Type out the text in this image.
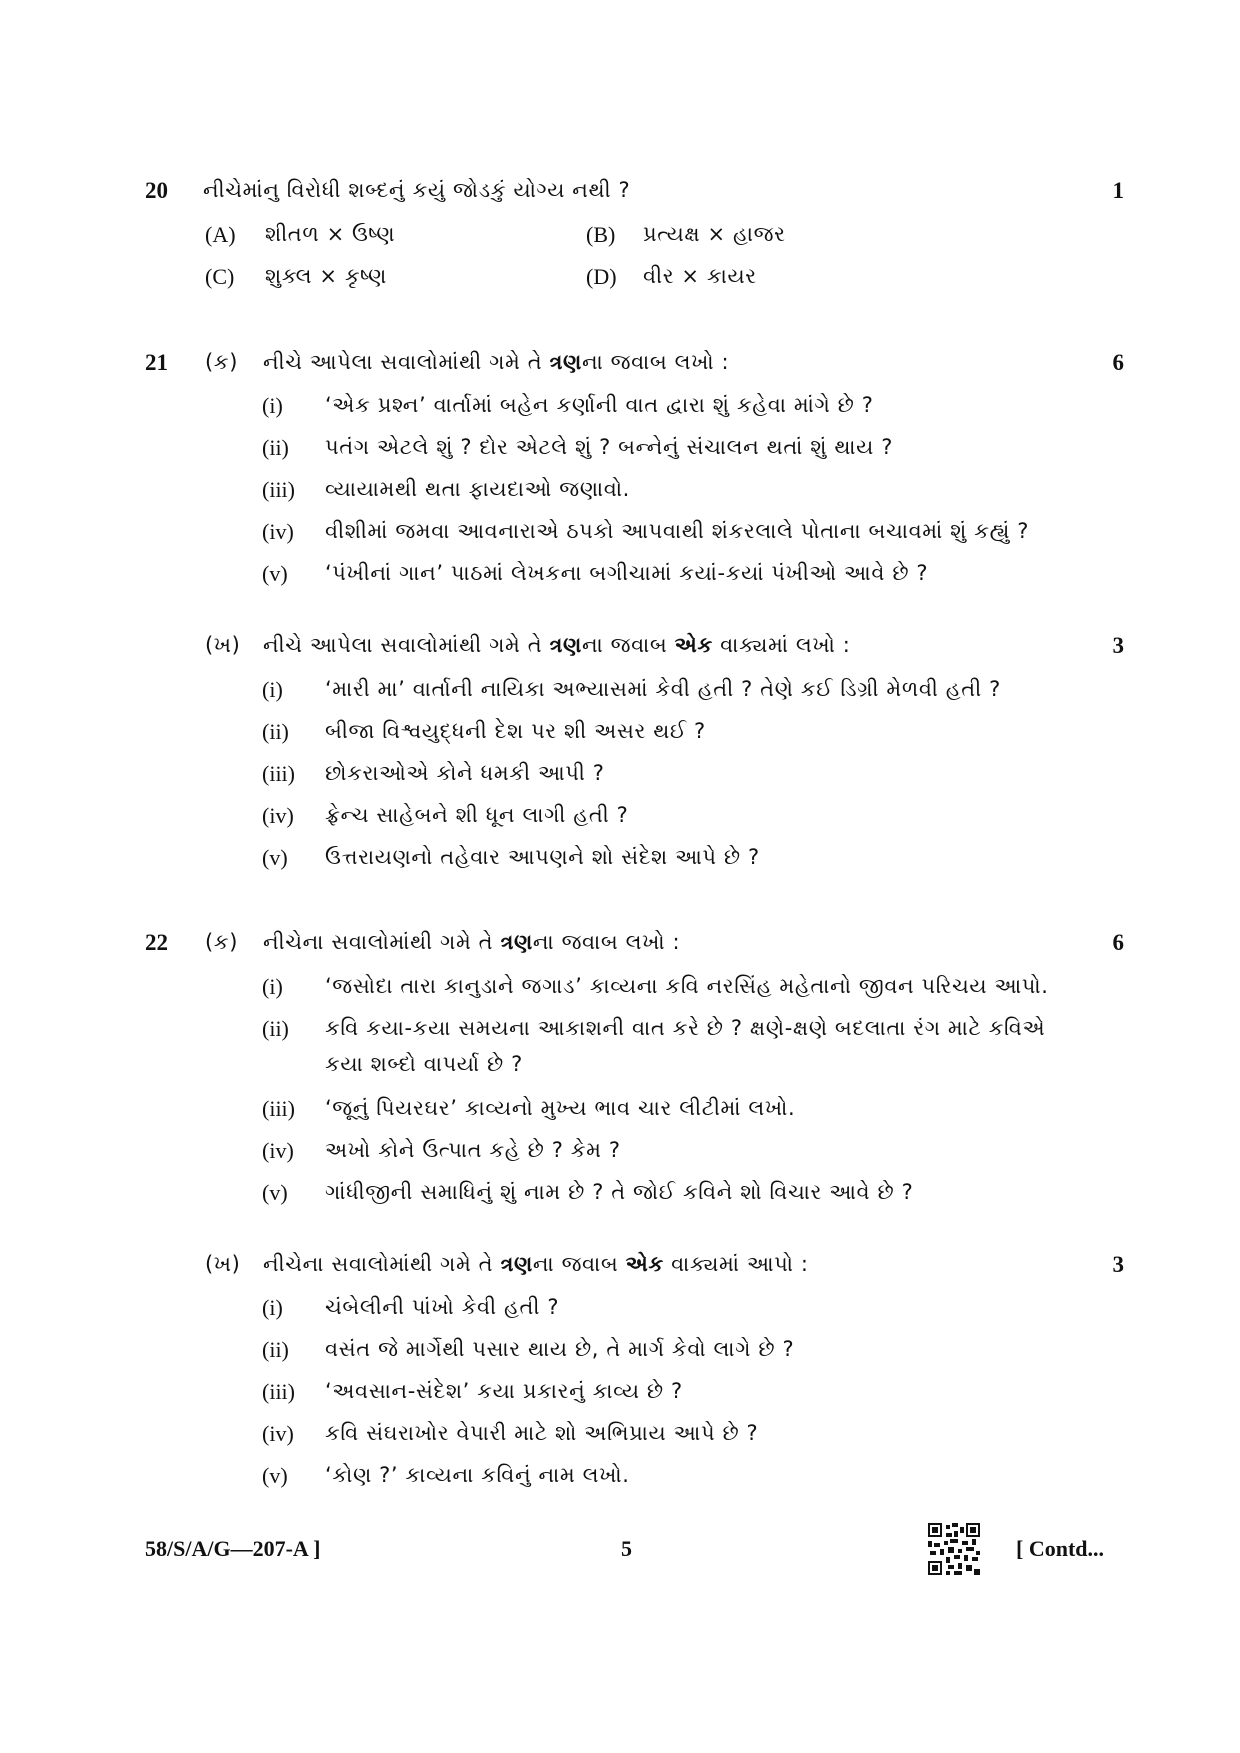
20 નીચેમાંનુ વિરોધી શબ્દનું કયું જોડકું યોગ્ય નથી ?	1
(A) શીતળ × ઉષ્ણ	(B) પ્રત્યક્ષ × હાજર
(C) શુક્લ × કૃષ્ણ	(D) વીર × કાયર
21 (ક) નીચે આપેલા સવાલોમાંથી ગમે તે ત્રણના જવાબ લખો :	6
(i) ‘એક પ્રશ્ન’ વાર્તામાં બહેન કર્ણાની વાત દ્વારા શું કહેવા માંગે છે ?
(ii) પતંગ એટલે શું ? દોર એટલે શું ? બન્નેનું સંચાલન થતાં શું થાય ?
(iii) વ્યાયામથી થતા ફાયદાઓ જણાવો.
(iv) વીશીમાં જમવા આવનારાએ ઠપકો આપવાથી શંકરલાલે પોતાના બચાવમાં શું કહ્યું ?
(v) ‘પંખીનાં ગાન’ પાઠમાં લેખકના બગીચામાં કયાં-કયાં પંખીઓ આવે છે ?
(ખ) નીચે આપેલા સવાલોમાંથી ગમે તે ત્રણના જવાબ એક વાક્યમાં લખો :	3
(i) ‘મારી મા’ વાર્તાની નાયિકા અભ્યાસમાં કેવી હતી ? તેણે કઈ ડિગ્રી મેળવી હતી ?
(ii) બીજા વિશ્વયુદ્ધની દેશ પર શી અસર થઈ ?
(iii) છોકરાઓએ કોને ધમકી આપી ?
(iv) ફ્રેન્ચ સાહેબને શી ધૂન લાગી હતી ?
(v) ઉત્તરાયણનો તહેવાર આપણને શો સંદેશ આપે છે ?
22 (ક) નીચેના સવાલોમાંથી ગમે તે ત્રણના જવાબ લખો :	6
(i) ‘જસોદા તારા કાનુડાને જગાડ’ કાવ્યના કવિ નરસિંહ મહેતાનો જીવન પરિચય આપો.
(ii) કવિ કયા-કયા સમયના આકાશની વાત કરે છે ? ક્ષણે-ક્ષણે બદલાતા રંગ માટે કવિએ
કયા શબ્દો વાપર્યા છે ?
(iii) ‘જૂનું પિયરઘર’ કાવ્યનો મુખ્ય ભાવ ચાર લીટીમાં લખો.
(iv) અખો કોને ઉત્પાત કહે છે ? કેમ ?
(v) ગાંધીજીની સમાધિનું શું નામ છે ? તે જોઈ કવિને શો વિચાર આવે છે ?
(ખ) નીચેના સવાલોમાંથી ગમે તે ત્રણના જવાબ એક વાક્યમાં આપો :	3
(i) ચંબેલીની પાંખો કેવી હતી ?
(ii) વસંત જે માર્ગેથી પસાર થાય છે, તે માર્ગ કેવો લાગે છે ?
(iii) ‘અવસાન-સંદેશ’ કયા પ્રકારનું કાવ્ય છે ?
(iv) કવિ સંઘરાખોર વેપારી માટે શો અભિપ્રાય આપે છે ?
(v) ‘કોણ ?’ કાવ્યના કવિનું નામ લખો.
58/S/A/G—207-A ]	5	[ Contd...
